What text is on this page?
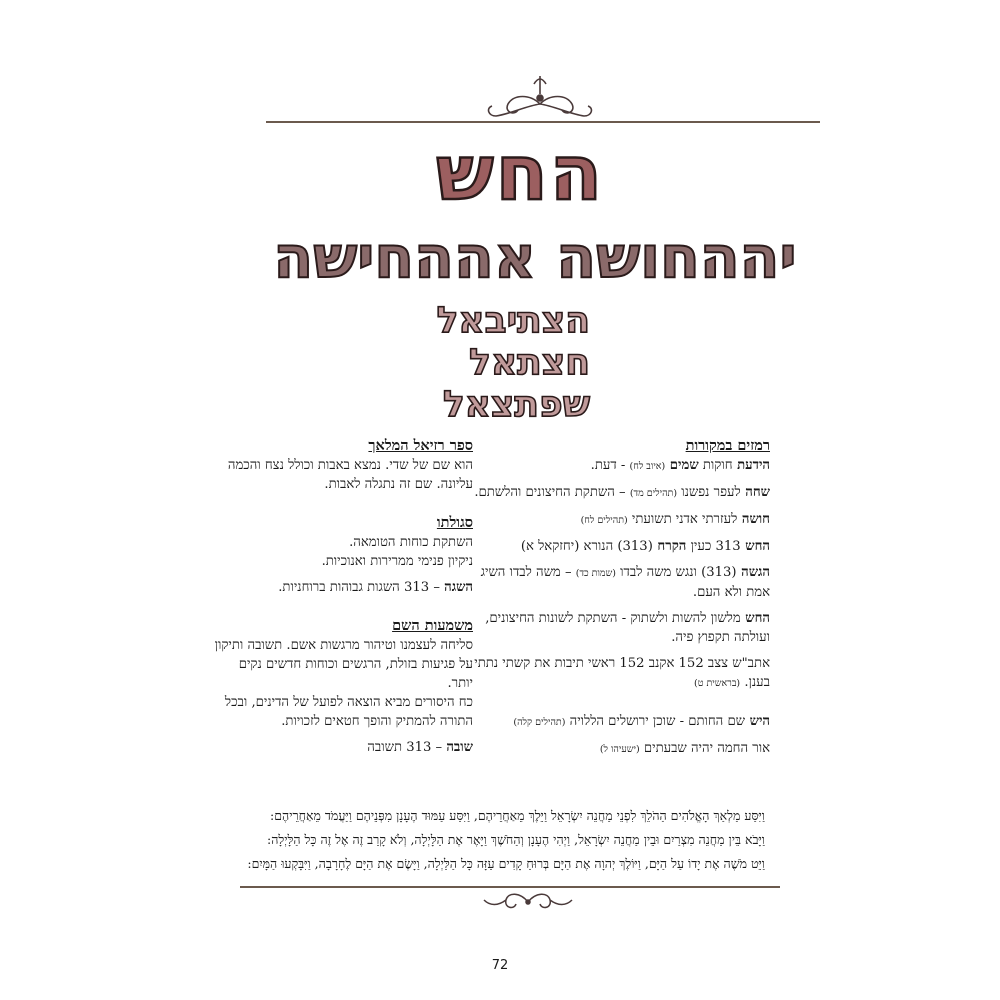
החש
יההחושה אההחישה
הצתיבאל
חצתאל
שפתצאל
רמזים במקורות
הידעת חוקות שמים (איוב לח) - דעת.
שחה לעפר נפשנו (תהילים מד) – השתקת החיצונים והלשתם.
חושה לעזרתי אדני תשועתי (תהילים לח)
החש 313 כעין הקרח (313) הנורא (יחזקאל א)
הגשה (313) ונגש משה לבדו (שמות כד) – משה לבדו השיג אמת ולא העם.
החש מלשון להשות ולשתוק - השתקת לשונות החיצונים, ועולתה תקפוץ פיה.
אתב"ש צצב 152 אקנב 152 ראשי תיבות את קשתי נתתי בענן. (בראשית ט)
היש שם החותם - שוכן ירושלים הללויה (תהילים קלה)
אור החמה יהיה שבעתים (ישעיהו ל)
ספר רזיאל המלאך
הוא שם של שדי. נמצא באבות וכולל נצח והכמה עליונה. שם זה נתגלה לאבות.
סגולתו
השתקת כוחות הטומאה.
ניקיון פנימי ממרירות ואנוכיות.
השגה – 313 השגות גבוהות ברוחניות.
משמעות השם
סליחה לעצמנו וטיהור מרגשות אשם. תשובה ותיקון על פגיעות בזולת, הרגשים וכוחות חדשים נקים יותר.
כח היסורים מביא הוצאה לפועל של הדינים, ובכל התורה להמתיק והופך חטאים לזכויות.
שובה – 313 תשובה
וַיִּסַּע מַלְאַךְ הָאֱלֹהִים הַהֹלֵךְ לִפְנֵי מַחֲנֵה יִשְׂרָאֵל וַיֵּלֶךְ מֵאַחֲרֵיהֶם, וַיִּסַּע עַמּוּד הֶעָנָן מִפְּנֵיהֶם וַיַּעֲמֹד מֵאַחֲרֵיהֶם:
וַיָּבֹא בֵּין מַחֲנֵה מִצְרַיִם וּבֵין מַחֲנֵה יִשְׂרָאֵל, וַיְהִי הֶעָנָן וְהַחֹשֶׁךְ וַיָּאֶר אֶת הַלָּיְלָה, וְלֹא קָרַב זֶה אֶל זֶה כָּל הַלָּיְלָה:
וַיֵּט מֹשֶׁה אֶת יָדוֹ עַל הַיָּם, וַיּוֹלֶךְ יְהוָה אֶת הַיָּם בְּרוּחַ קָדִים עַזָּה כָּל הַלַּיְלָה, וַיָּשֶׂם אֶת הַיָּם לֶחָרָבָה, וַיִּבָּקְעוּ הַמָּיִם:
72
